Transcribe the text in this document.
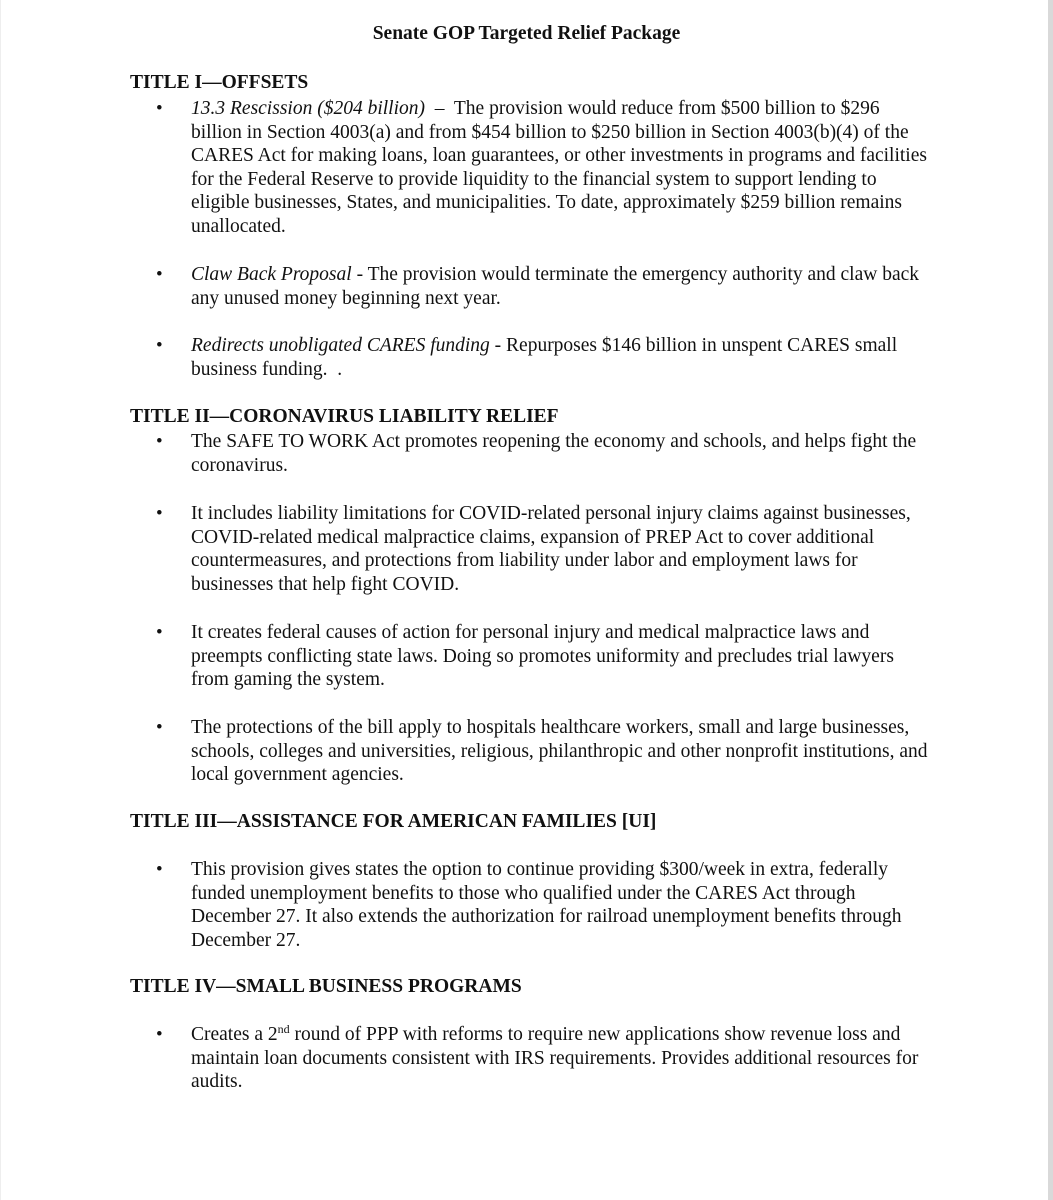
Senate GOP Targeted Relief Package
TITLE I—OFFSETS
• 13.3 Rescission ($204 billion)  –  The provision would reduce from $500 billion to $296 billion in Section 4003(a) and from $454 billion to $250 billion in Section 4003(b)(4) of the CARES Act for making loans, loan guarantees, or other investments in programs and facilities for the Federal Reserve to provide liquidity to the financial system to support lending to eligible businesses, States, and municipalities. To date, approximately $259 billion remains unallocated.
• Claw Back Proposal - The provision would terminate the emergency authority and claw back any unused money beginning next year.
• Redirects unobligated CARES funding - Repurposes $146 billion in unspent CARES small business funding.  .
TITLE II—CORONAVIRUS LIABILITY RELIEF
• The SAFE TO WORK Act promotes reopening the economy and schools, and helps fight the coronavirus.
• It includes liability limitations for COVID-related personal injury claims against businesses, COVID-related medical malpractice claims, expansion of PREP Act to cover additional countermeasures, and protections from liability under labor and employment laws for businesses that help fight COVID.
• It creates federal causes of action for personal injury and medical malpractice laws and preempts conflicting state laws. Doing so promotes uniformity and precludes trial lawyers from gaming the system.
• The protections of the bill apply to hospitals healthcare workers, small and large businesses, schools, colleges and universities, religious, philanthropic and other nonprofit institutions, and local government agencies.
TITLE III—ASSISTANCE FOR AMERICAN FAMILIES [UI]
• This provision gives states the option to continue providing $300/week in extra, federally funded unemployment benefits to those who qualified under the CARES Act through December 27. It also extends the authorization for railroad unemployment benefits through December 27.
TITLE IV—SMALL BUSINESS PROGRAMS
• Creates a 2nd round of PPP with reforms to require new applications show revenue loss and maintain loan documents consistent with IRS requirements. Provides additional resources for audits.
